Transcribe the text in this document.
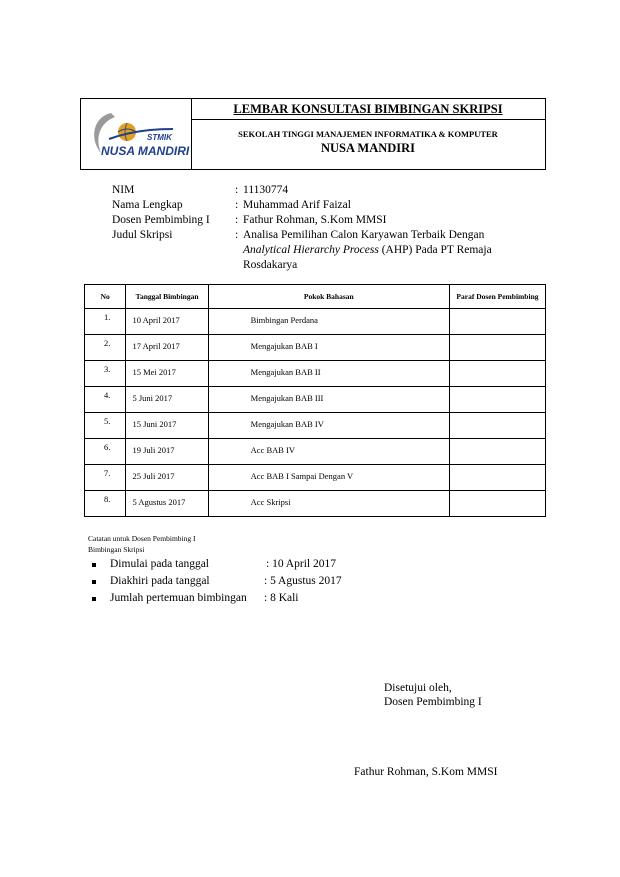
STMIK
NUSA MANDIRI
LEMBAR KONSULTASI BIMBINGAN SKRIPSI
SEKOLAH TINGGI MANAJEMEN INFORMATIKA & KOMPUTER
NUSA MANDIRI
NIM	: 11130774
Nama Lengkap	: Muhammad Arif Faizal
Dosen Pembimbing I : Fathur Rohman, S.Kom MMSI
Judul Skripsi	: Analisa Pemilihan Calon Karyawan Terbaik Dengan
Analytical Hierarchy Process (AHP) Pada PT Remaja
Rosdakarya
No	Tanggal Bimbingan	Pokok Bahasan	Paraf Dosen Pembimbing

1.	10 April 2017	Bimbingan Perdana	

2.	17 April 2017	Mengajukan BAB I	

3.	15 Mei 2017	Mengajukan BAB II	

4.	5 Juni 2017	Mengajukan BAB III	

5.	15 Juni 2017	Mengajukan BAB IV	

6.	19 Juli 2017	Acc BAB IV	

7.	25 Juli 2017	Acc BAB I Sampai Dengan V	

8.	5 Agustus 2017	Acc Skripsi	

Catatan untuk Dosen Pembimbing I
Bimbingan Skripsi
Dimulai pada tanggal	: 10 April 2017
Diakhiri pada tanggal	: 5 Agustus 2017
Jumlah pertemuan bimbingan : 8 Kali
Disetujui oleh,
Dosen Pembimbing I
Fathur Rohman, S.Kom MMSI
